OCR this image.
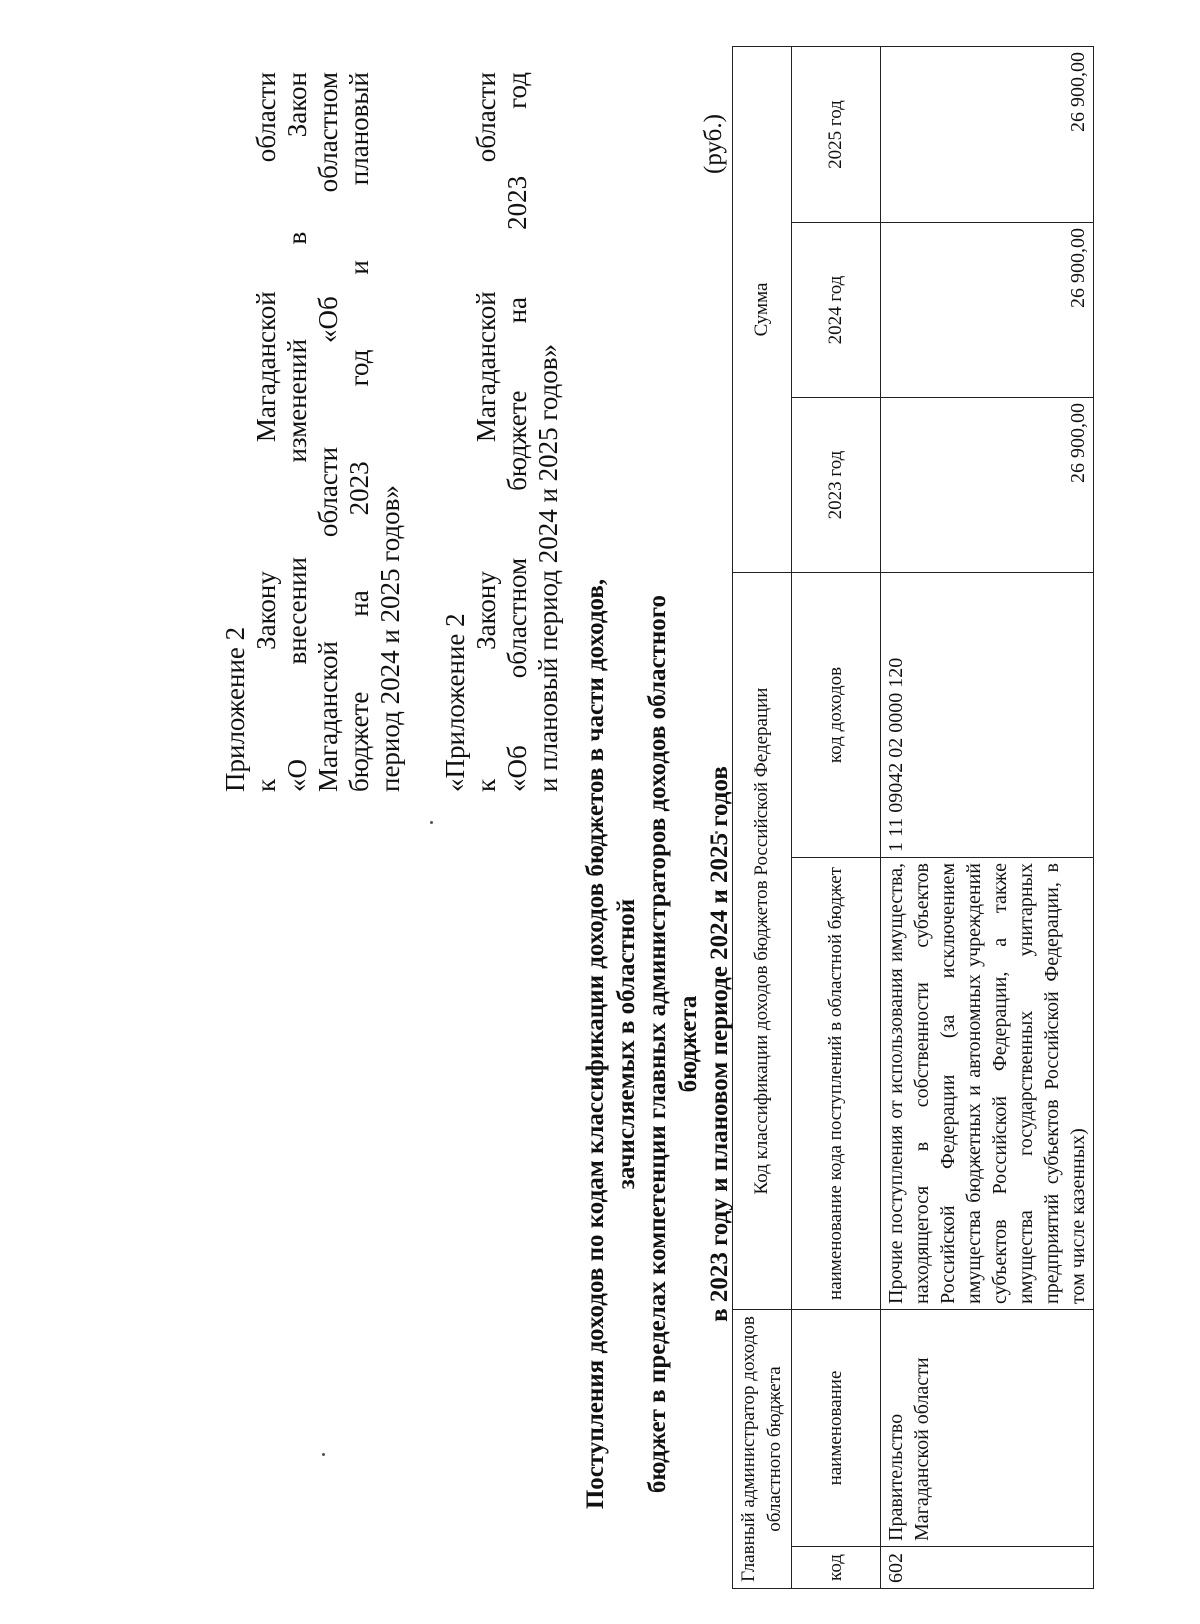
Приложение 2 к Закону Магаданской области «О внесении изменений в Закон Магаданской области «Об областном бюджете на 2023 год и плановый период 2024 и 2025 годов» «Приложение 2 к Закону Магаданской области «Об областном бюджете на 2023 год и плановый период 2024 и 2025 годов»

Поступления доходов по кодам классификации доходов бюджетов в части доходов, зачисляемых в областной бюджет в пределах компетенции главных администраторов доходов областного бюджета в 2023 году и плановом периоде 2024 и 2025 годов
(руб.)
Главный администратор доходов областного бюджета		Код классификации доходов бюджетов Российской Федерации		Сумма		
код	наименование	наименование кода поступлений в областной бюджет	код доходов	2023 год	2024 год	2025 год
602	Правительство Магаданской области	Прочие поступления от использования имущества, находящегося в собственности субъектов Российской Федерации (за исключением имущества бюджетных и автономных учреждений субъектов Российской Федерации, а также имущества государственных унитарных предприятий субъектов Российской Федерации, в том числе казенных)	1 11 09042 02 0000 120	26 900,00	26 900,00	26 900,00
